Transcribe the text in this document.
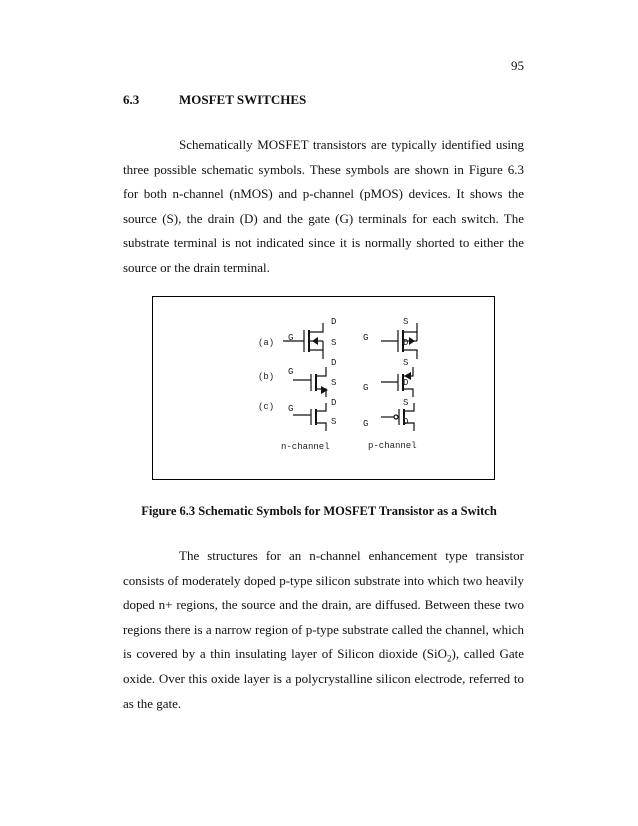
95
6.3	MOSFET SWITCHES

Schematically MOSFET transistors are typically identified using three possible schematic symbols. These symbols are shown in Figure 6.3 for both n-channel (nMOS) and p-channel (pMOS) devices. It shows the source (S), the drain (D) and the gate (G) terminals for each switch. The substrate terminal is not indicated since it is normally shorted to either the source or the drain terminal.

(a)
(b)
(c)
G
D
S	G
S
D
G
D
S	G
S
D
G
D
S	G
S
D
n-channel	p-channel
Figure 6.3 Schematic Symbols for MOSFET Transistor as a Switch

The structures for an n-channel enhancement type transistor consists of moderately doped p-type silicon substrate into which two heavily doped n+ regions, the source and the drain, are diffused. Between these two regions there is a narrow region of p-type substrate called the channel, which is covered by a thin insulating layer of Silicon dioxide (SiO$_2$), called Gate oxide. Over this oxide layer is a polycrystalline silicon electrode, referred to as the gate.
